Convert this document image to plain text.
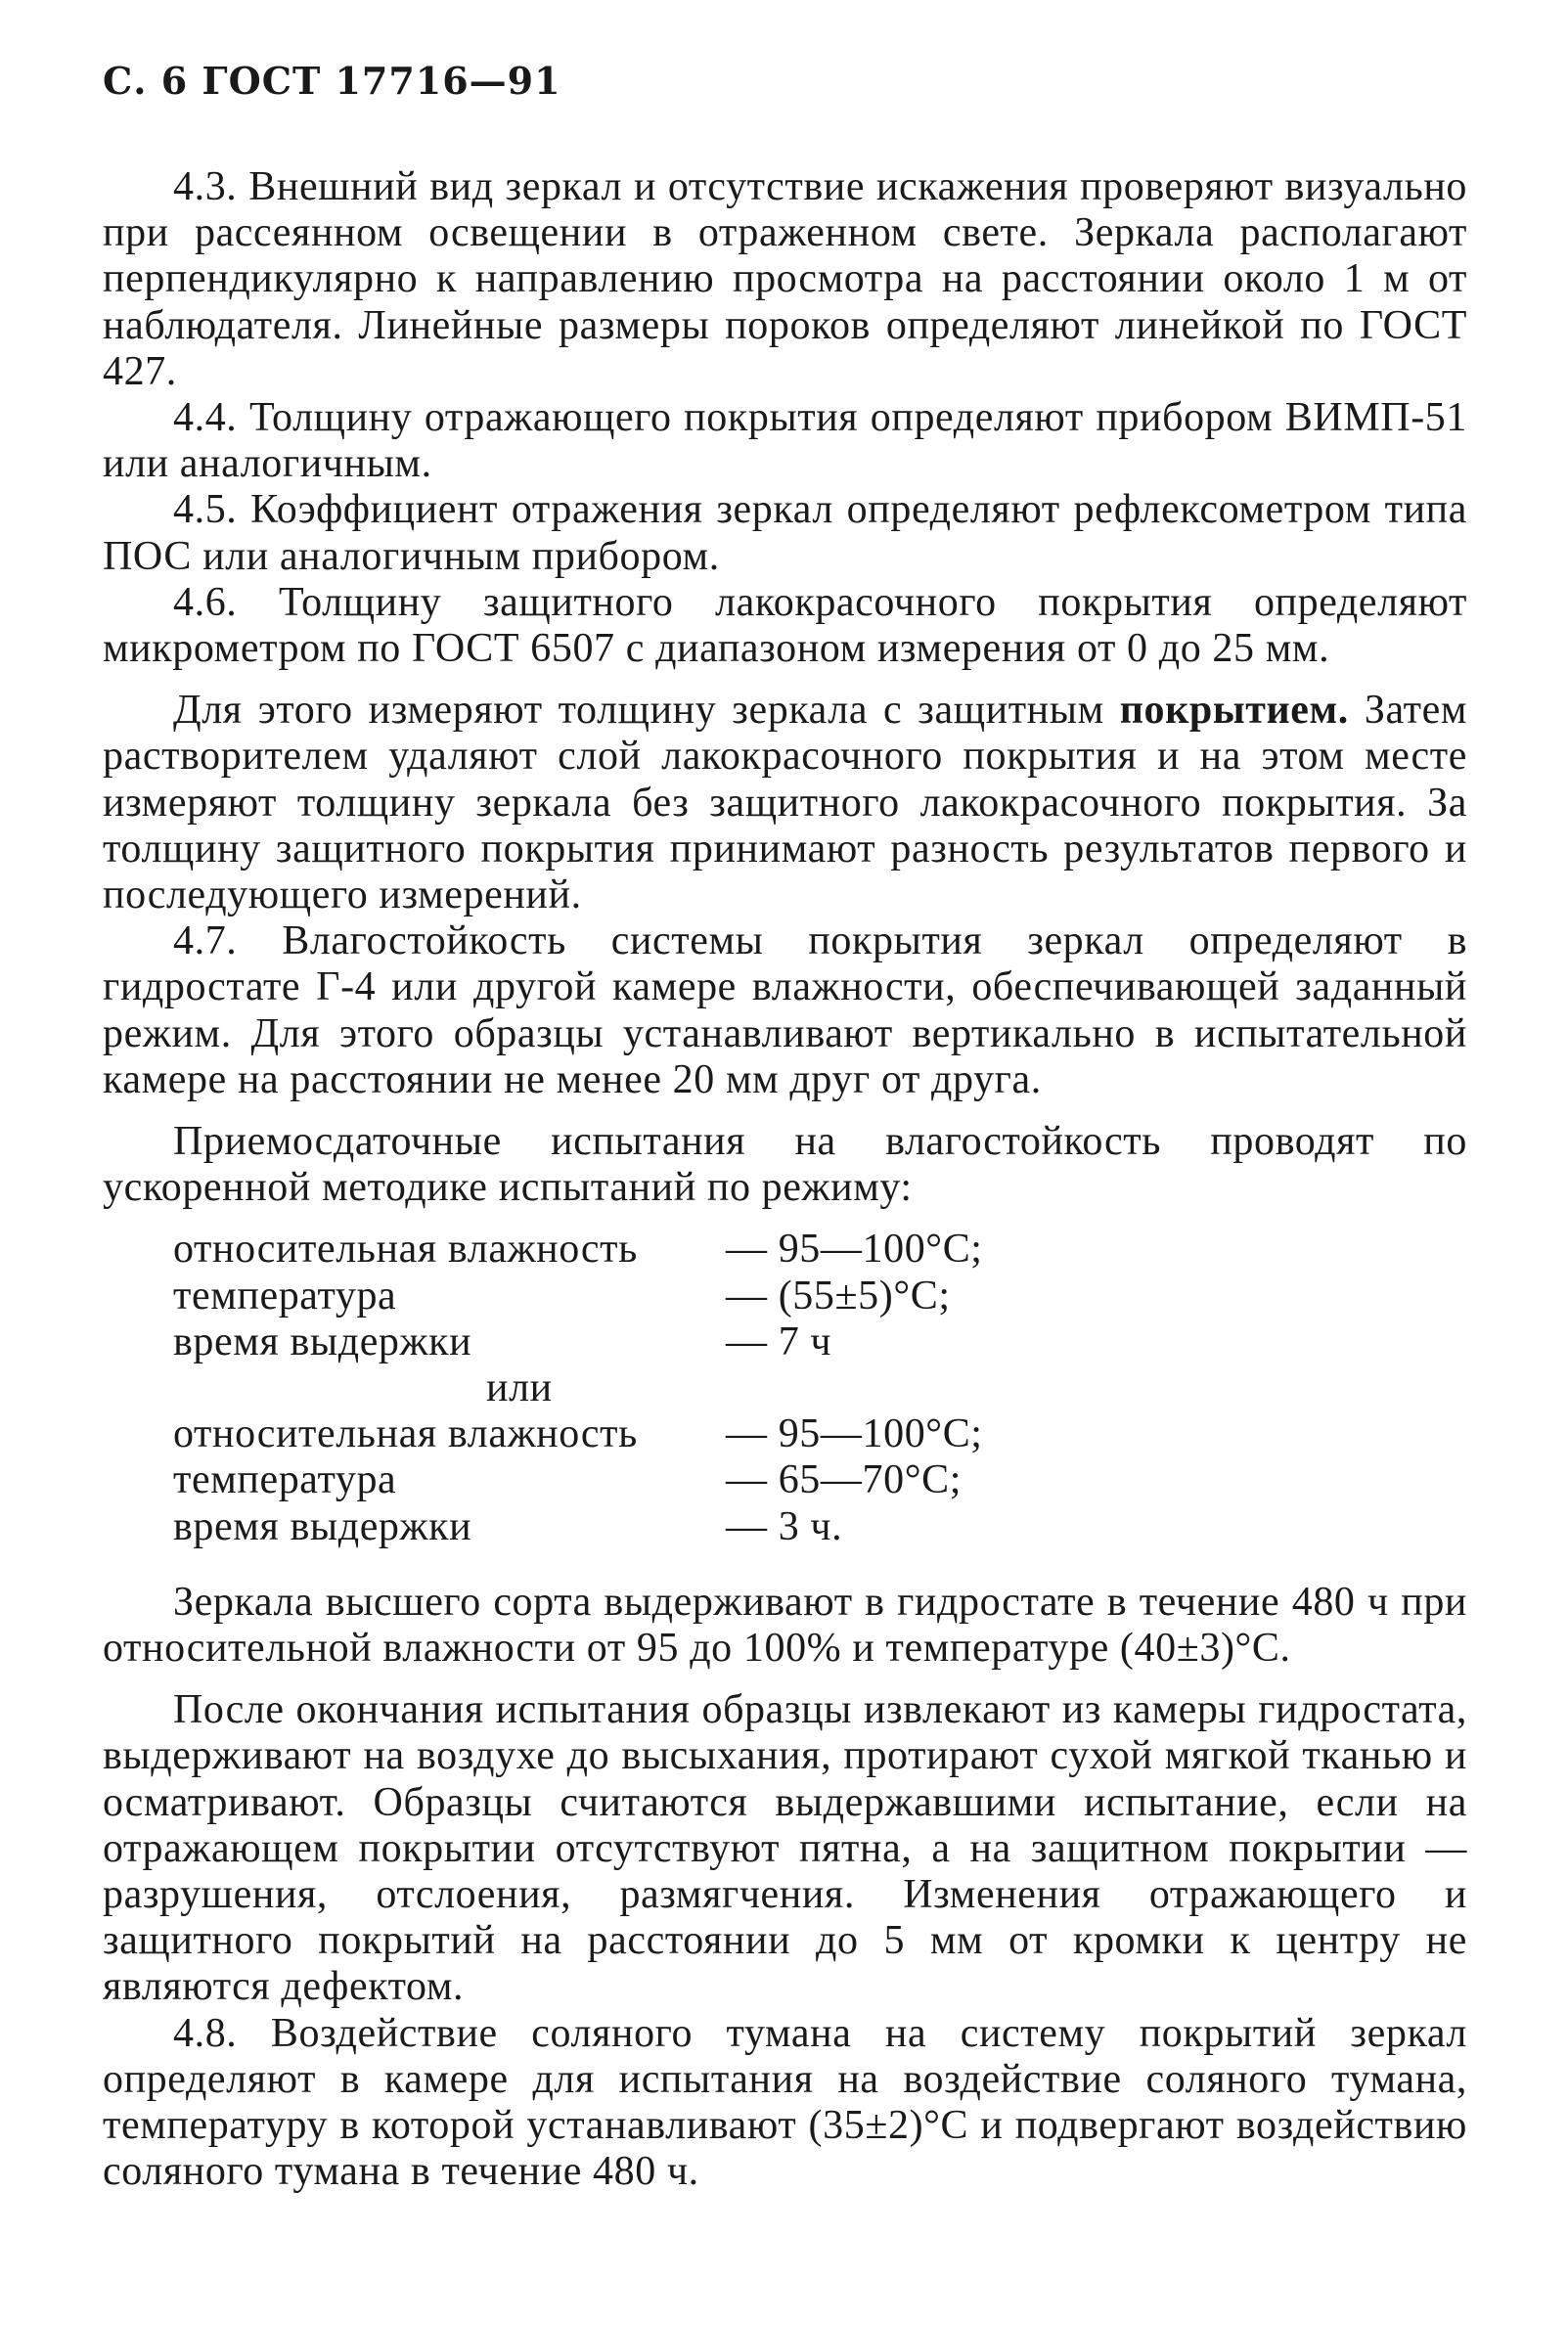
С. 6 ГОСТ 17716—91

4.3. Внешний вид зеркал и отсутствие искажения проверяют визуально при рассеянном освещении в отраженном свете. Зеркала располагают перпендикулярно к направлению просмотра на расстоянии около 1 м от наблюдателя. Линейные размеры пороков определяют линейкой по ГОСТ 427.

4.4. Толщину отражающего покрытия определяют прибором ВИМП-51 или аналогичным.

4.5. Коэффициент отражения зеркал определяют рефлексометром типа ПОС или аналогичным прибором.

4.6. Толщину защитного лакокрасочного покрытия определяют микрометром по ГОСТ 6507 с диапазоном измерения от 0 до 25 мм.

Для этого измеряют толщину зеркала с защитным покрытием. Затем растворителем удаляют слой лакокрасочного покрытия и на этом месте измеряют толщину зеркала без защитного лакокрасочного покрытия. За толщину защитного покрытия принимают разность результатов первого и последующего измерений.

4.7. Влагостойкость системы покрытия зеркал определяют в гидростате Г-4 или другой камере влажности, обеспечивающей заданный режим. Для этого образцы устанавливают вертикально в испытательной камере на расстоянии не менее 20 мм друг от друга.

Приемосдаточные испытания на влагостойкость проводят по ускоренной методике испытаний по режиму:

относительная влажность	— 95—100°С;
температура	— (55±5)°С;
время выдержки	— 7 ч
или
относительная влажность	— 95—100°С;
температура	— 65—70°С;
время выдержки	— 3 ч.

Зеркала высшего сорта выдерживают в гидростате в течение 480 ч при относительной влажности от 95 до 100% и температуре (40±3)°С.

После окончания испытания образцы извлекают из камеры гидростата, выдерживают на воздухе до высыхания, протирают сухой мягкой тканью и осматривают. Образцы считаются выдержавшими испытание, если на отражающем покрытии отсутствуют пятна, а на защитном покрытии — разрушения, отслоения, размягчения. Изменения отражающего и защитного покрытий на расстоянии до 5 мм от кромки к центру не являются дефектом.

4.8. Воздействие соляного тумана на систему покрытий зеркал определяют в камере для испытания на воздействие соляного тумана, температуру в которой устанавливают (35±2)°С и подвергают воздействию соляного тумана в течение 480 ч.
